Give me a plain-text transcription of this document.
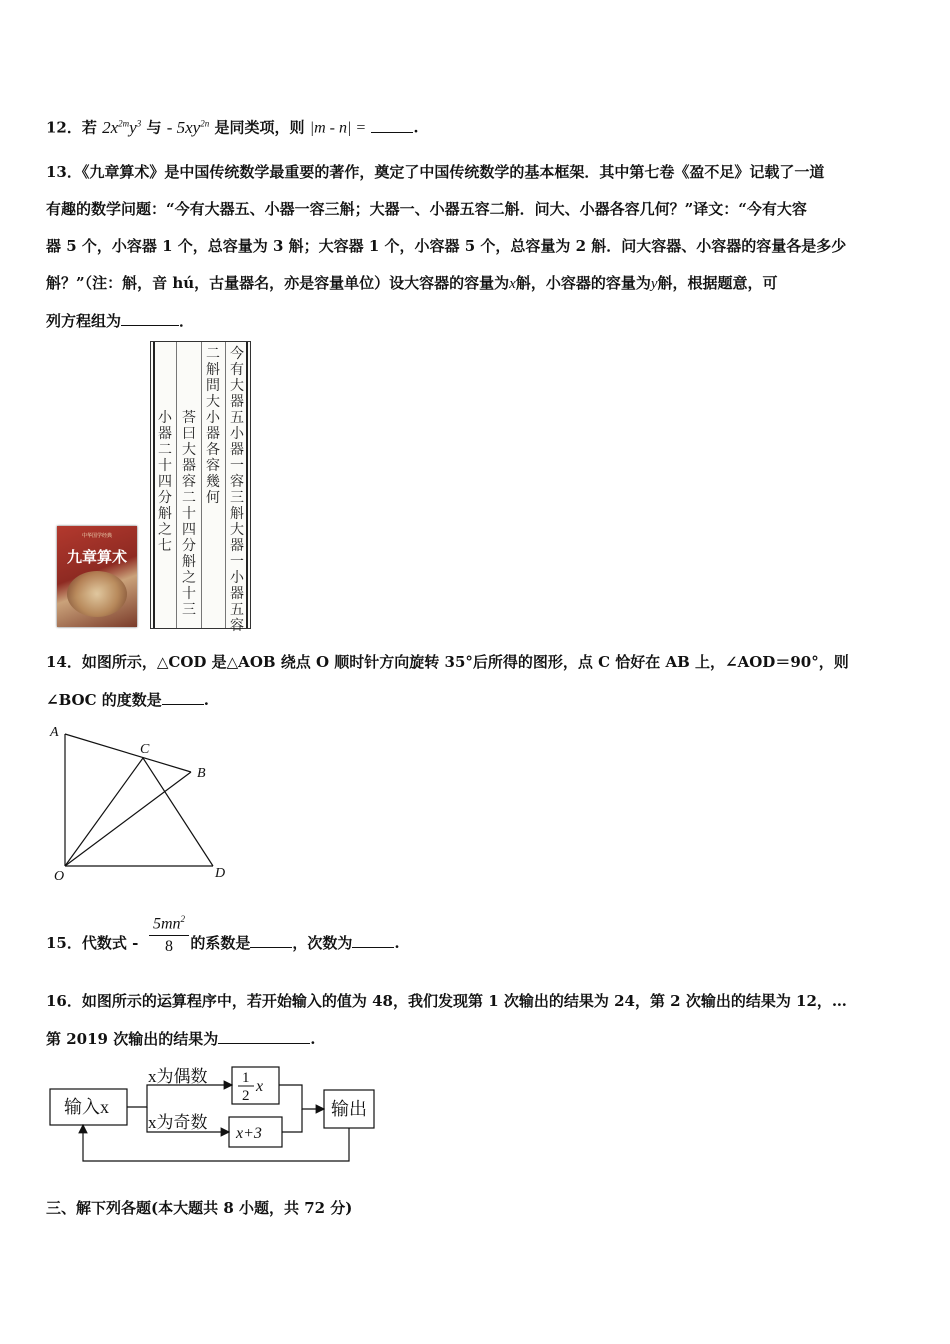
12．若 $2x^{2m}y^3$ 与 - $5xy^{2n}$ 是同类项，则 |m - n| =	.
13．《九章算术》是中国传统数学最重要的著作，奠定了中国传统数学的基本框架．其中第七卷《盈不足》记载了一道
有趣的数学问题：“今有大器五、小器一容三斛；大器一、小器五容二斛．问大、小器各容几何？”译文：“今有大容
器 5 个，小容器 1 个，总容量为 3 斛；大容器 1 个，小容器 5 个，总容量为 2 斛．问大容器、小容器的容量各是多少
斛？”（注：斛，音 hú，古量器名，亦是容量单位）设大容器的容量为x斛，小容器的容量为y斛，根据题意，可
列方程组为	．
中华国学经典
九章算术
今有大器五小器一容三斛大器一小器五容
二斛問大小器各容幾何
荅曰大器容二十四分斛之十三
小器二十四分斛之七
14．如图所示，△COD 是△AOB 绕点 O 顺时针方向旋转 35°后所得的图形，点 C 恰好在 AB 上，∠AOD＝90°，则
∠BOC 的度数是	.
A
C
B
O	D
15．代数式 -	的系数是	，次数为	.
$5mn^2$
8
16．如图所示的运算程序中，若开始输入的值为 48，我们发现第 1 次输出的结果为 24，第 2 次输出的结果为 12，…
第 2019 次输出的结果为	.
输入x
x为偶数
x为奇数
1
2
x
x+3
输出
三、解下列各题(本大题共 8 小题，共 72 分)
